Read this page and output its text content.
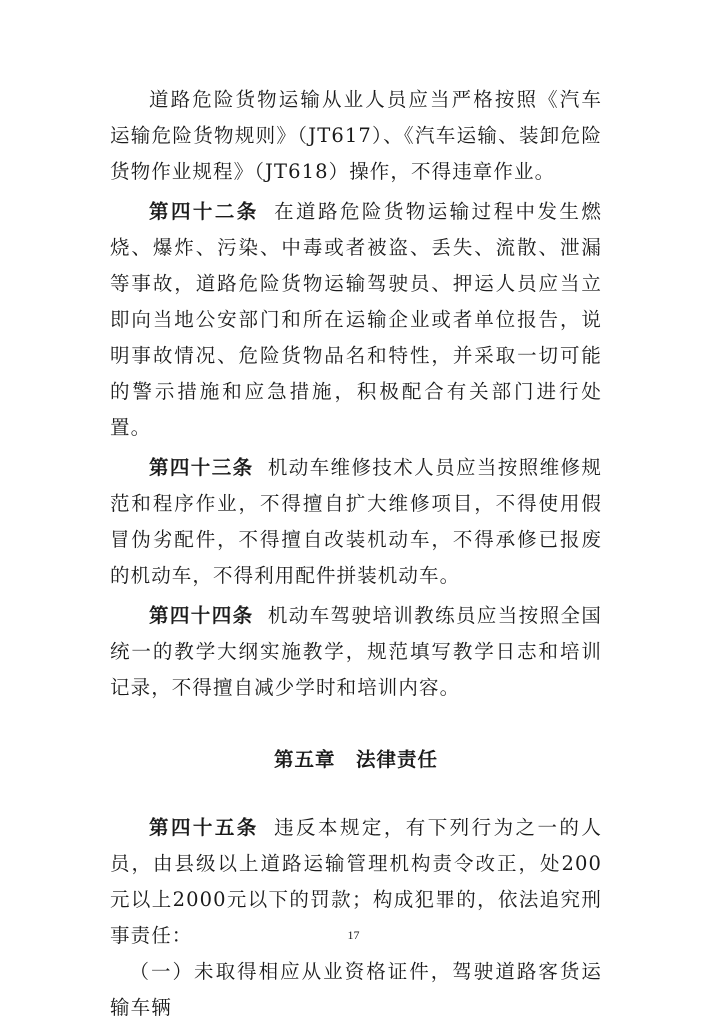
道路危险货物运输从业人员应当严格按照《汽车运输危险货物规则》（JT617）、《汽车运输、装卸危险货物作业规程》（JT618）操作，不得违章作业。

第四十二条 在道路危险货物运输过程中发生燃烧、爆炸、污染、中毒或者被盗、丢失、流散、泄漏等事故，道路危险货物运输驾驶员、押运人员应当立即向当地公安部门和所在运输企业或者单位报告，说明事故情况、危险货物品名和特性，并采取一切可能的警示措施和应急措施，积极配合有关部门进行处置。

第四十三条 机动车维修技术人员应当按照维修规范和程序作业，不得擅自扩大维修项目，不得使用假冒伪劣配件，不得擅自改装机动车，不得承修已报废的机动车，不得利用配件拼装机动车。

第四十四条 机动车驾驶培训教练员应当按照全国统一的教学大纲实施教学，规范填写教学日志和培训记录，不得擅自减少学时和培训内容。

第五章　法律责任

第四十五条 违反本规定，有下列行为之一的人员，由县级以上道路运输管理机构责令改正，处200元以上2000元以下的罚款；构成犯罪的，依法追究刑事责任：

（一）未取得相应从业资格证件，驾驶道路客货运输车辆

17
